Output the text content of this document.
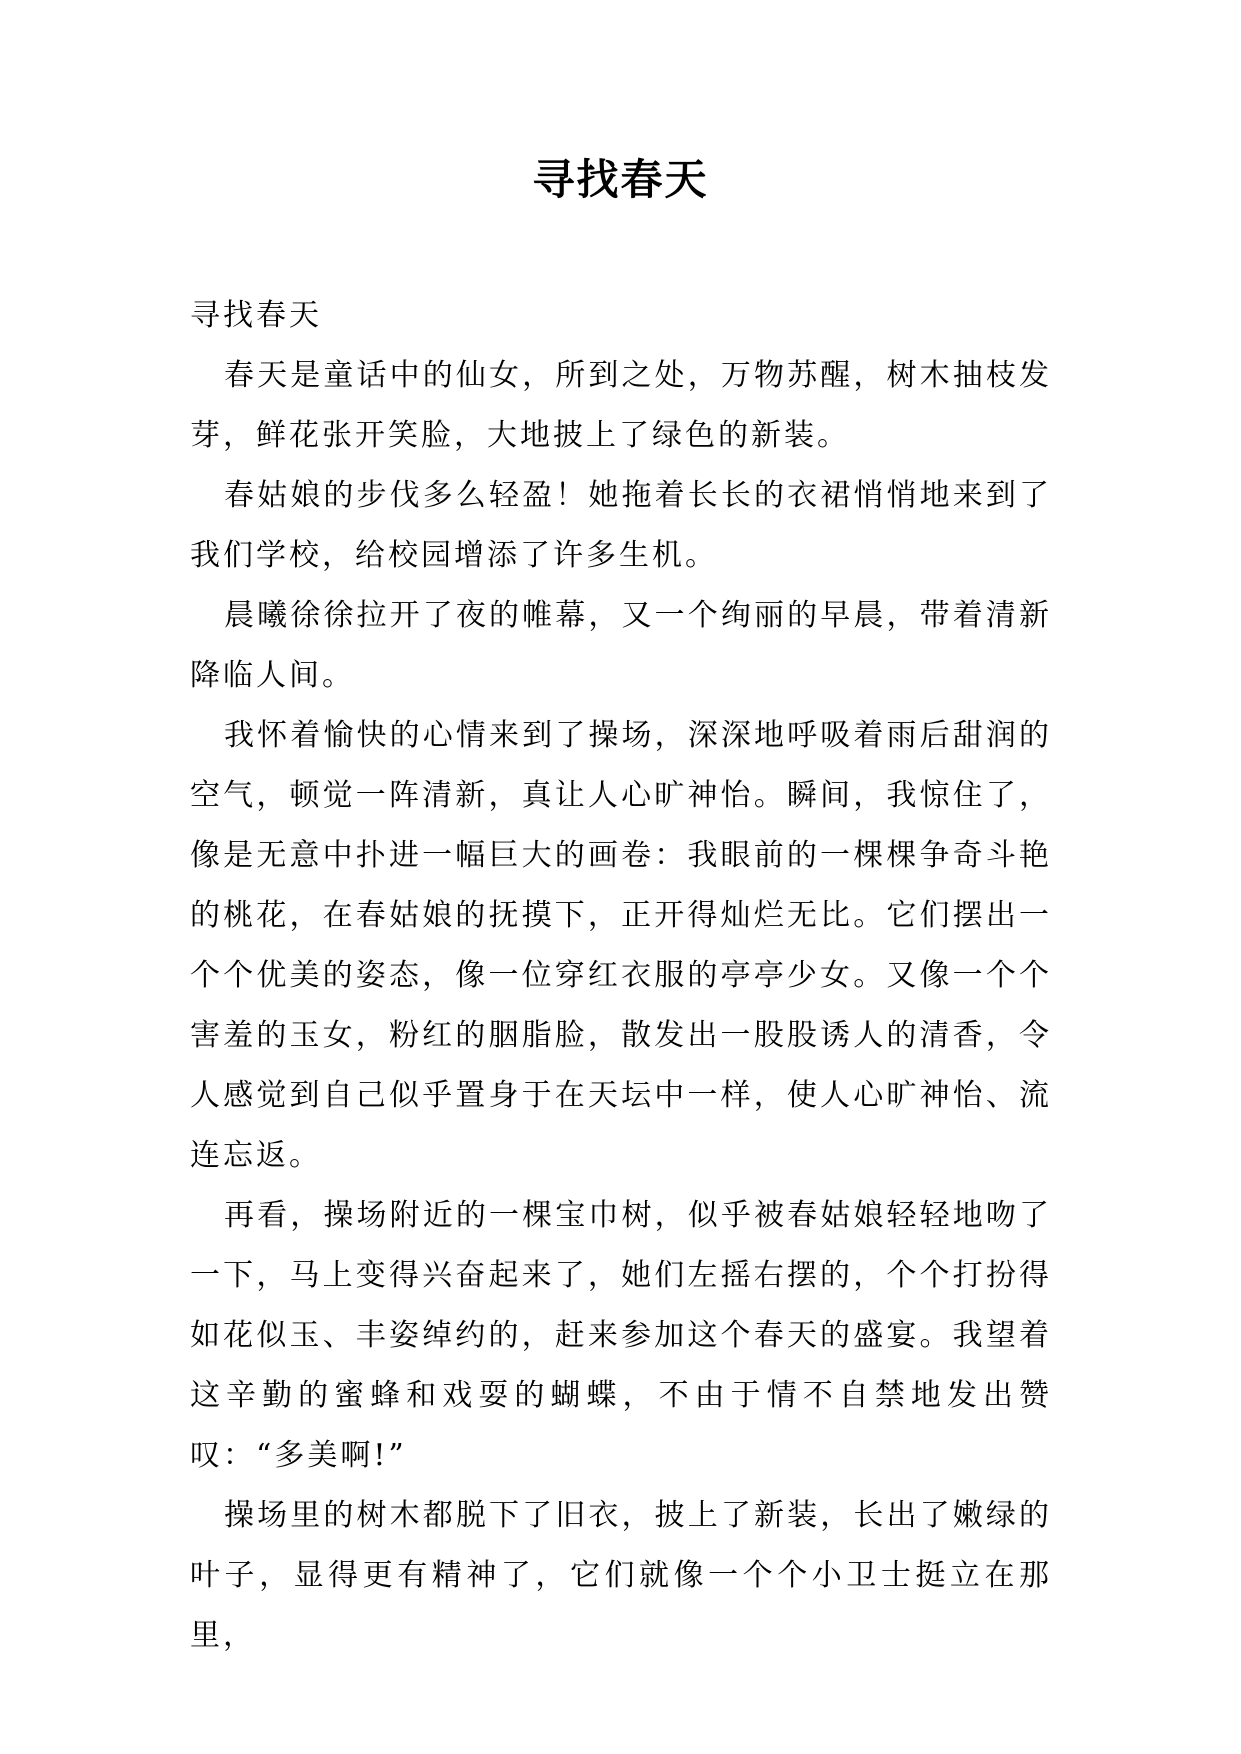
寻找春天

寻找春天

春天是童话中的仙女，所到之处，万物苏醒，树木抽枝发芽，鲜花张开笑脸，大地披上了绿色的新装。

春姑娘的步伐多么轻盈！她拖着长长的衣裙悄悄地来到了我们学校，给校园增添了许多生机。

晨曦徐徐拉开了夜的帷幕，又一个绚丽的早晨，带着清新降临人间。

我怀着愉快的心情来到了操场，深深地呼吸着雨后甜润的空气，顿觉一阵清新，真让人心旷神怡。瞬间，我惊住了，像是无意中扑进一幅巨大的画卷：我眼前的一棵棵争奇斗艳的桃花，在春姑娘的抚摸下，正开得灿烂无比。它们摆出一个个优美的姿态，像一位穿红衣服的亭亭少女。又像一个个害羞的玉女，粉红的胭脂脸，散发出一股股诱人的清香，令人感觉到自己似乎置身于在天坛中一样，使人心旷神怡、流连忘返。

再看，操场附近的一棵宝巾树，似乎被春姑娘轻轻地吻了一下，马上变得兴奋起来了，她们左摇右摆的，个个打扮得如花似玉、丰姿绰约的，赶来参加这个春天的盛宴。我望着这辛勤的蜜蜂和戏耍的蝴蝶，不由于情不自禁地发出赞叹：“多美啊!”

操场里的树木都脱下了旧衣，披上了新装，长出了嫩绿的叶子，显得更有精神了，它们就像一个个小卫士挺立在那里，
